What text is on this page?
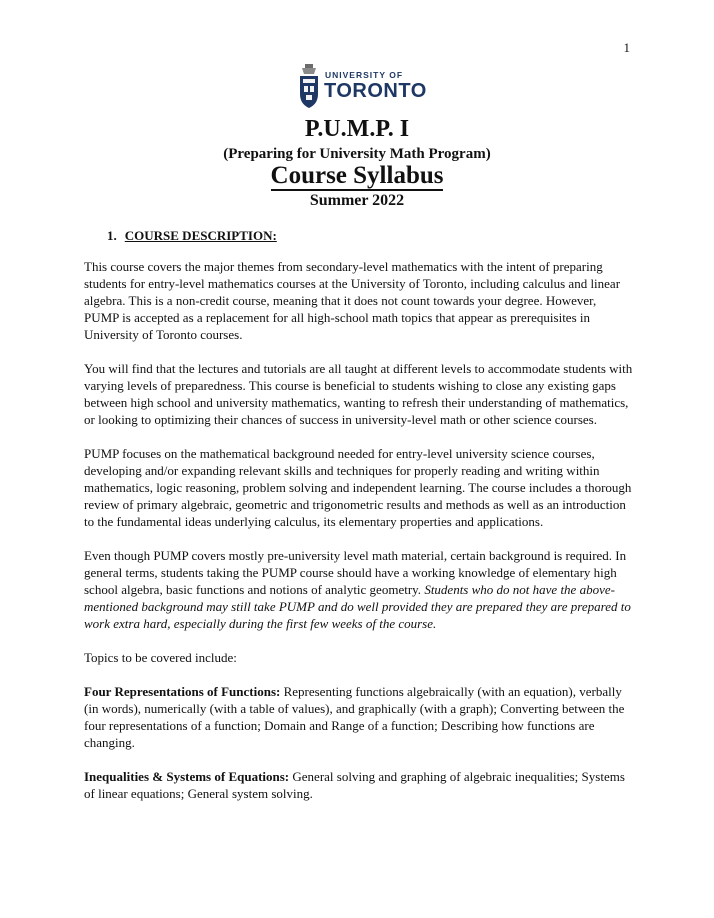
1
UNIVERSITY OF
TORONTO
P.U.M.P. I
(Preparing for University Math Program)
Course Syllabus
Summer 2022
1. COURSE DESCRIPTION:

This course covers the major themes from secondary-level mathematics with the intent of preparing students for entry-level mathematics courses at the University of Toronto, including calculus and linear algebra. This is a non-credit course, meaning that it does not count towards your degree. However, PUMP is accepted as a replacement for all high-school math topics that appear as prerequisites in University of Toronto courses.

You will find that the lectures and tutorials are all taught at different levels to accommodate students with varying levels of preparedness. This course is beneficial to students wishing to close any existing gaps between high school and university mathematics, wanting to refresh their understanding of mathematics, or looking to optimizing their chances of success in university-level math or other science courses.

PUMP focuses on the mathematical background needed for entry-level university science courses, developing and/or expanding relevant skills and techniques for properly reading and writing within mathematics, logic reasoning, problem solving and independent learning. The course includes a thorough review of primary algebraic, geometric and trigonometric results and methods as well as an introduction to the fundamental ideas underlying calculus, its elementary properties and applications.

Even though PUMP covers mostly pre-university level math material, certain background is required. In general terms, students taking the PUMP course should have a working knowledge of elementary high school algebra, basic functions and notions of analytic geometry. Students who do not have the above-mentioned background may still take PUMP and do well provided they are prepared they are prepared to work extra hard, especially during the first few weeks of the course.

Topics to be covered include:

Four Representations of Functions: Representing functions algebraically (with an equation), verbally (in words), numerically (with a table of values), and graphically (with a graph); Converting between the four representations of a function; Domain and Range of a function; Describing how functions are changing.

Inequalities & Systems of Equations: General solving and graphing of algebraic inequalities; Systems of linear equations; General system solving.
